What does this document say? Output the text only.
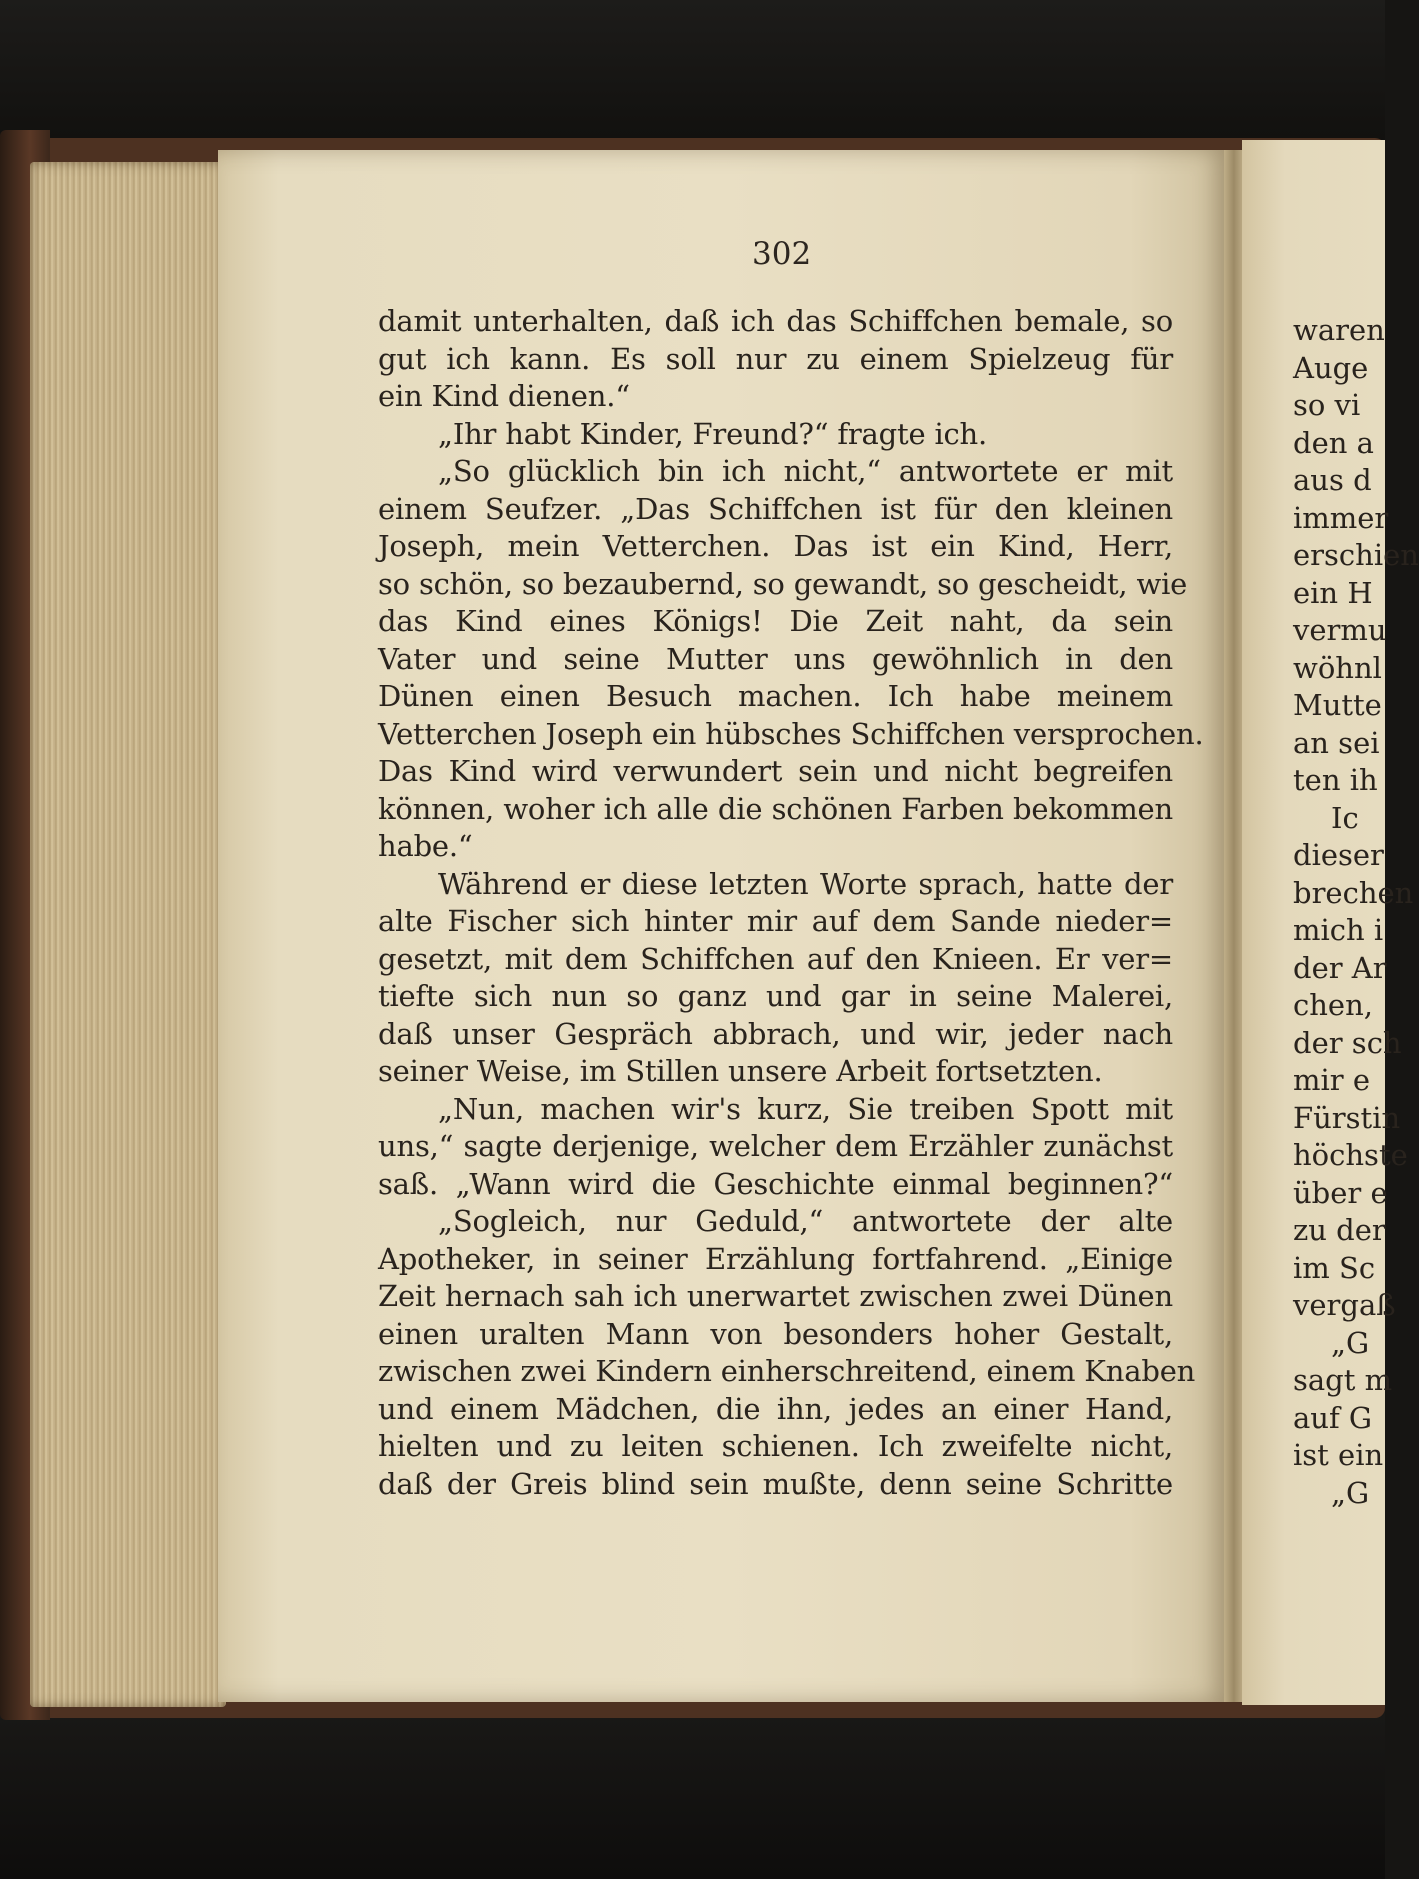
302
damit unterhalten, daß ich das Schiffchen bemale, so
gut ich kann. Es soll nur zu einem Spielzeug für
ein Kind dienen.“
„Ihr habt Kinder, Freund?“ fragte ich.
„So glücklich bin ich nicht,“ antwortete er mit
einem Seufzer. „Das Schiffchen ist für den kleinen
Joseph, mein Vetterchen. Das ist ein Kind, Herr,
so schön, so bezaubernd, so gewandt, so gescheidt, wie
das Kind eines Königs! Die Zeit naht, da sein
Vater und seine Mutter uns gewöhnlich in den
Dünen einen Besuch machen. Ich habe meinem
Vetterchen Joseph ein hübsches Schiffchen versprochen.
Das Kind wird verwundert sein und nicht begreifen
können, woher ich alle die schönen Farben bekommen
habe.“
Während er diese letzten Worte sprach, hatte der
alte Fischer sich hinter mir auf dem Sande nieder=
gesetzt, mit dem Schiffchen auf den Knieen. Er ver=
tiefte sich nun so ganz und gar in seine Malerei,
daß unser Gespräch abbrach, und wir, jeder nach
seiner Weise, im Stillen unsere Arbeit fortsetzten.
„Nun, machen wir's kurz, Sie treiben Spott mit
uns,“ sagte derjenige, welcher dem Erzähler zunächst
saß. „Wann wird die Geschichte einmal beginnen?“
„Sogleich, nur Geduld,“ antwortete der alte
Apotheker, in seiner Erzählung fortfahrend. „Einige
Zeit hernach sah ich unerwartet zwischen zwei Dünen
einen uralten Mann von besonders hoher Gestalt,
zwischen zwei Kindern einherschreitend, einem Knaben
und einem Mädchen, die ihn, jedes an einer Hand,
hielten und zu leiten schienen. Ich zweifelte nicht,
daß der Greis blind sein mußte, denn seine Schritte
waren
Auge
so vi
den a
aus d
immer
erschien
ein H
vermu
wöhnl
Mutte
an sei
ten ih
Ic
dieser
brechen
mich i
der Ar
chen,
der sch
mir e
Fürstin
höchste
über e
zu der
im Sc
vergaß
„G
sagt m
auf G
ist ein
„G
